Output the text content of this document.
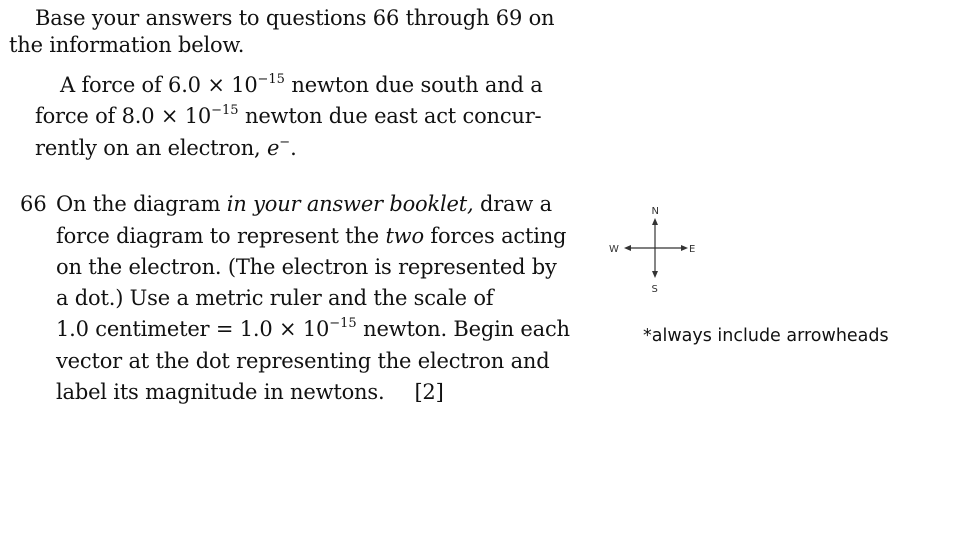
Base your answers to questions 66 through 69 on
the information below.
A force of $6.0 \times 10^{-15}$ newton due south and a
force of $8.0 \times 10^{-15}$ newton due east act concur-
rently on an electron, e−.
66 On the diagram in your answer booklet, draw a
force diagram to represent the two forces acting
on the electron. (The electron is represented by
a dot.) Use a metric ruler and the scale of
1.0 centimeter = $1.0 \times 10^{-15}$ newton. Begin each
vector at the dot representing the electron and
label its magnitude in newtons. [2]
N
S
E
W
*always include arrowheads
